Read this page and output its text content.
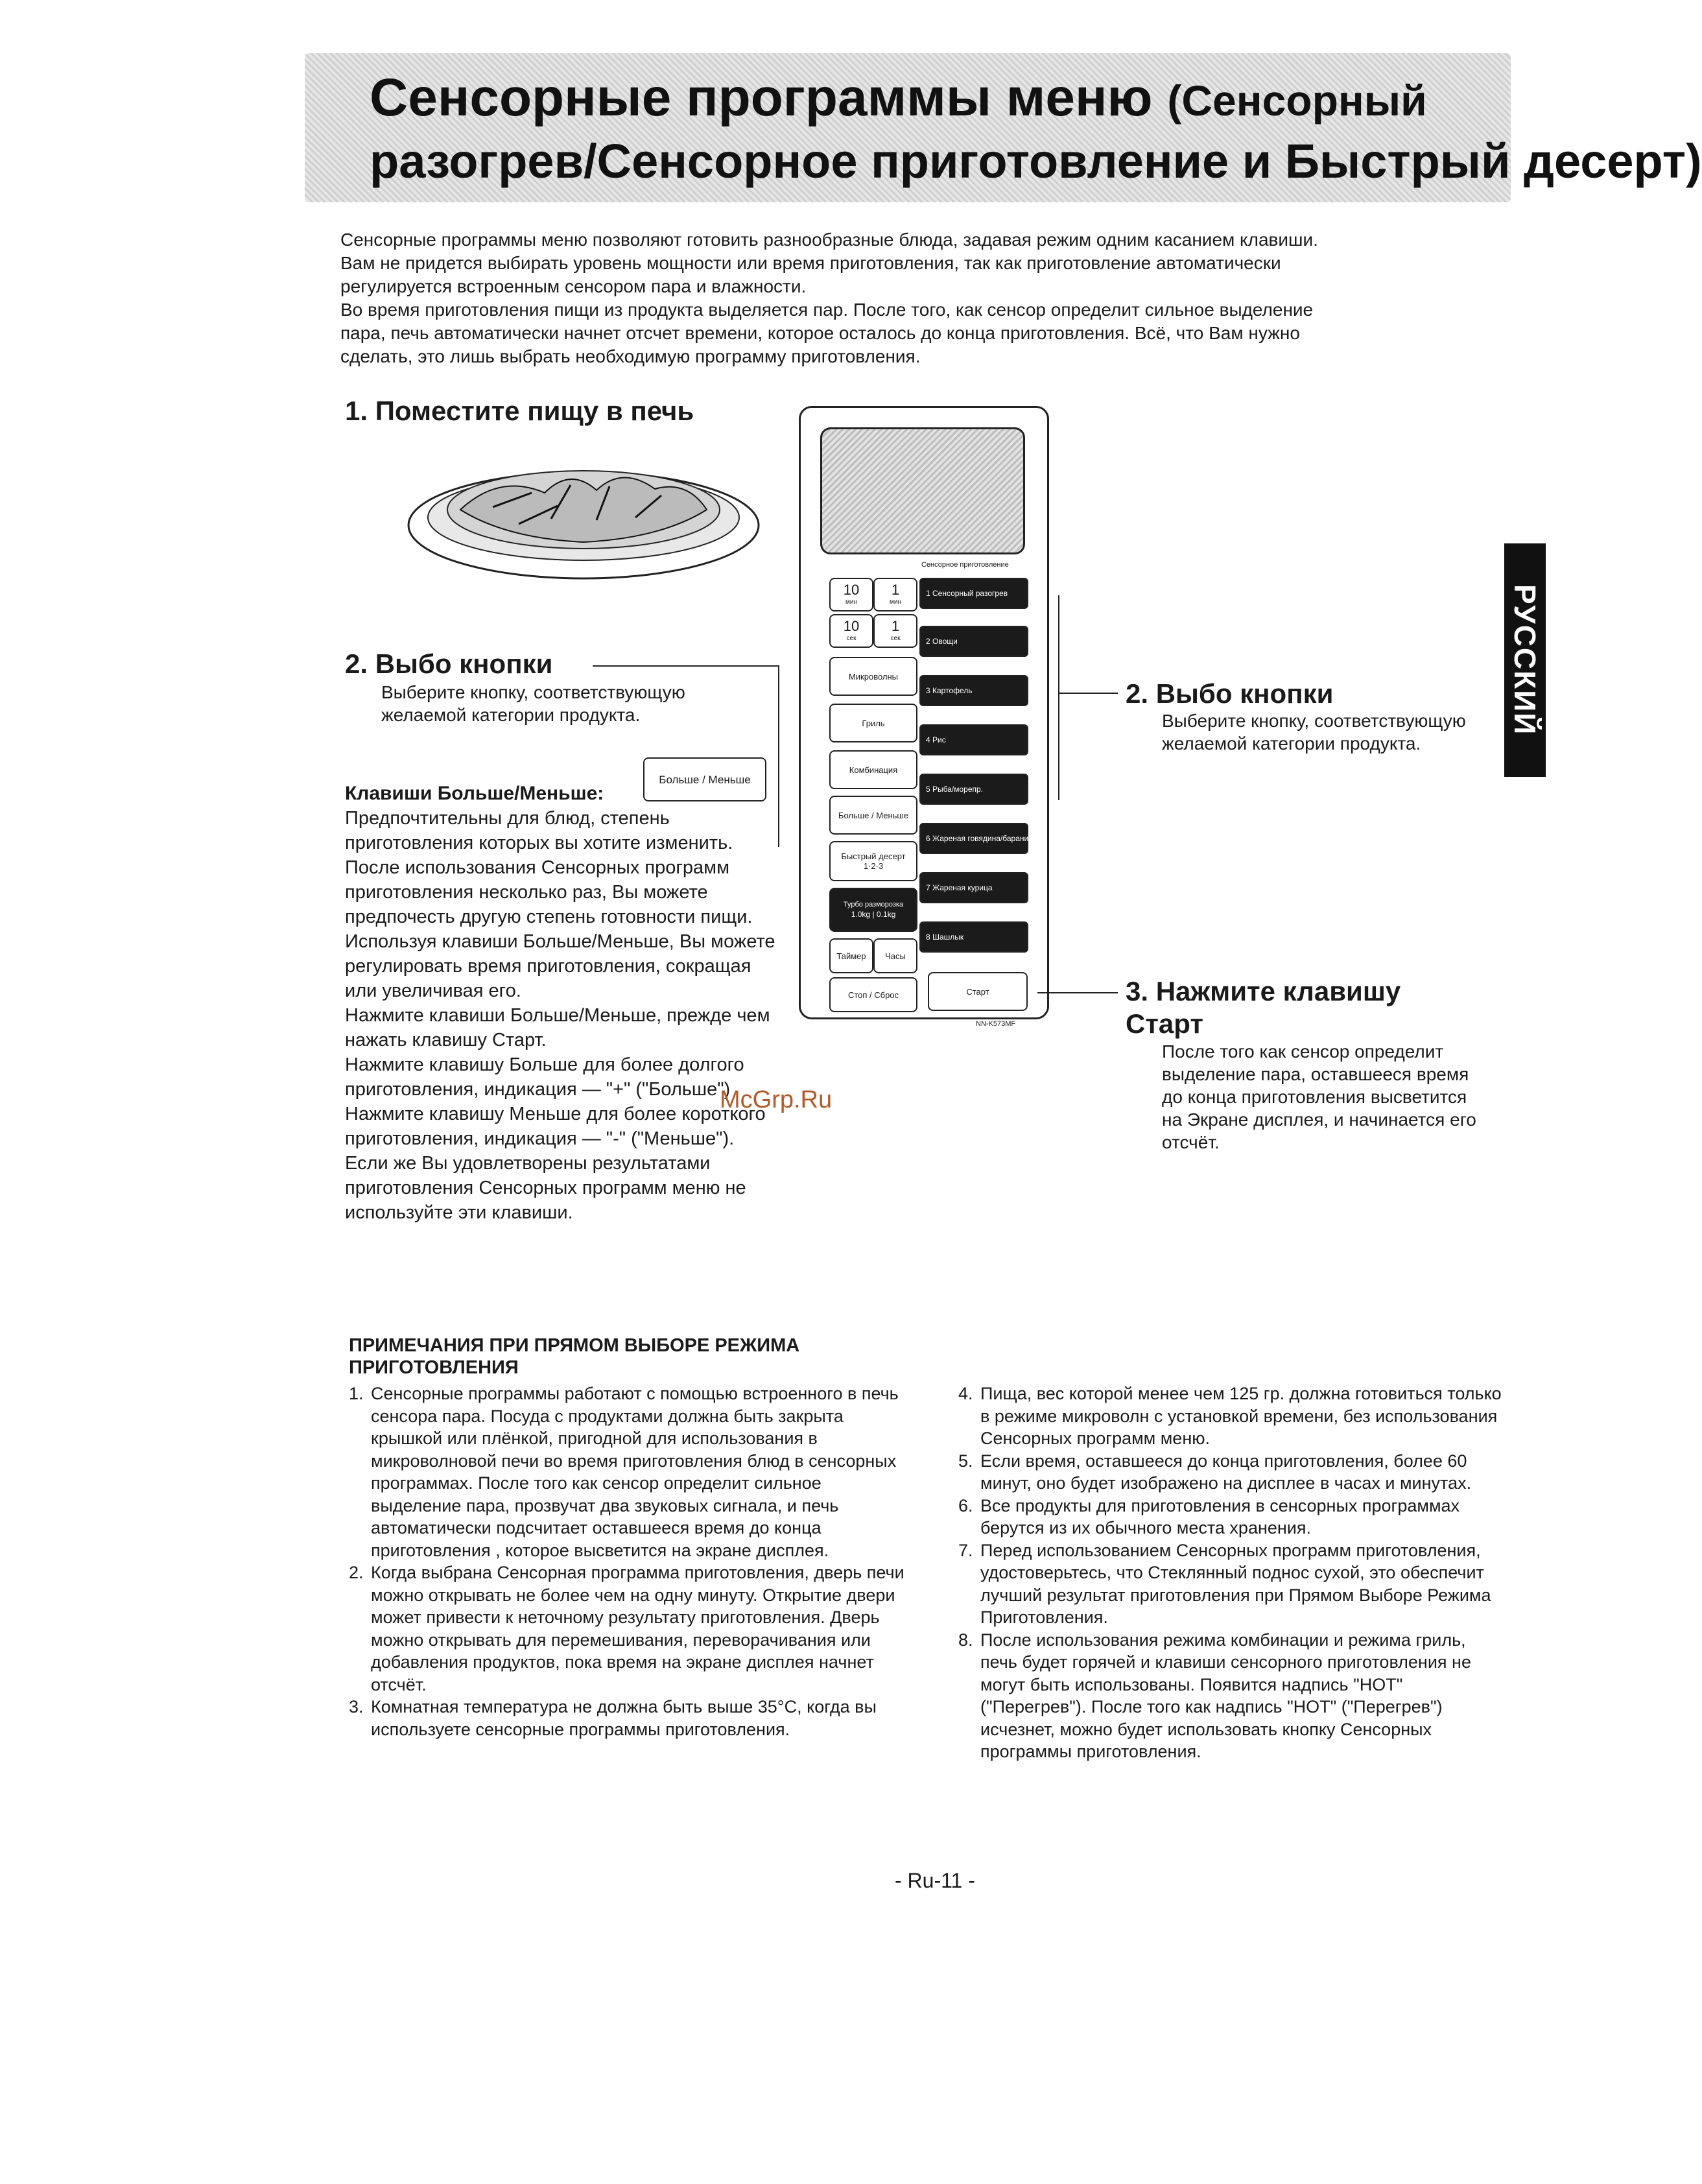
Сенсорные программы меню (Сенсорный
разогрев/Сенсорное приготовление и Быстрый десерт)

Сенсорные программы меню позволяют готовить разнообразные блюда, задавая режим одним касанием клавиши.

Вам не придется выбирать уровень мощности или время приготовления, так как приготовление автоматически

регулируется встроенным сенсором пара и влажности.

Во время приготовления пищи из продукта выделяется пар. После того, как сенсор определит сильное выделение

пара, печь автоматически начнет отсчет времени, которое осталось до конца приготовления. Всё, что Вам нужно

сделать, это лишь выбрать необходимую программу приготовления.

1. Поместите пищу в печь
2. Выбо кнопки
Выберите кнопку, соответствующую желаемой категории продукта.
Больше / Меньше

Клавиши Больше/Меньше:

Предпочтительны для блюд, степень приготовления которых вы хотите изменить. После использования Сенсорных программ приготовления несколько раз, Вы можете предпочесть другую степень готовности пищи. Используя клавиши Больше/Меньше, Вы можете регулировать время приготовления, сокращая или увеличивая его.

Нажмите клавиши Больше/Меньше, прежде чем нажать клавишу Старт.

Нажмите клавишу Больше для более долгого приготовления, индикация — "+" ("Больше")

Нажмите клавишу Меньше для более короткого приготовления, индикация — "-" ("Меньше").

Если же Вы удовлетворены результатами приготовления Сенсорных программ меню не используйте эти клавиши.

Сенсорное приготовление
10
мин
1
мин
10
сек
1
сек
Микроволны
Гриль
Комбинация
Больше / Меньше
Быстрый десерт 1·2·3
Турбо разморозка
1.0kg | 0.1kg
Таймер	Часы
Стоп / Сброс
1 Сенсорный разогрев
2 Овощи
3 Картофель
4 Рис
5 Рыба/морепр.
6 Жареная говядина/баранина
7 Жареная курица
8 Шашлык
Старт
NN-K573MF
2. Выбо кнопки
Выберите кнопку, соответствующую желаемой категории продукта.
3. Нажмите клавишу Старт
После того как сенсор определит выделение пара, оставшееся время до конца приготовления высветится на Экране дисплея, и начинается его отсчёт.
McGrp.Ru
РУССКИЙ
ПРИМЕЧАНИЯ ПРИ ПРЯМОМ ВЫБОРЕ РЕЖИМА ПРИГОТОВЛЕНИЯ
1. Сенсорные программы работают с помощью встроенного в печь сенсора пара. Посуда с продуктами должна быть закрыта крышкой или плёнкой, пригодной для использования в микроволновой печи во время приготовления блюд в сенсорных программах. После того как сенсор определит сильное выделение пара, прозвучат два звуковых сигнала, и печь автоматически подсчитает оставшееся время до конца приготовления , которое высветится на экране дисплея.
2. Когда выбрана Сенсорная программа приготовления, дверь печи можно открывать не более чем на одну минуту. Открытие двери может привести к неточному результату приготовления. Дверь можно открывать для перемешивания, переворачивания или добавления продуктов, пока время на экране дисплея начнет отсчёт.
3. Комнатная температура не должна быть выше 35°С, когда вы используете сенсорные программы приготовления.
4. Пища, вес которой менее чем 125 гр. должна готовиться только в режиме микроволн с установкой времени, без использования Сенсорных программ меню.
5. Если время, оставшееся до конца приготовления, более 60 минут, оно будет изображено на дисплее в часах и минутах.
6. Все продукты для приготовления в сенсорных программах берутся из их обычного места хранения.
7. Перед использованием Сенсорных программ приготовления, удостоверьтесь, что Стеклянный поднос сухой, это обеспечит лучший результат приготовления при Прямом Выборе Режима Приготовления.
8. После использования режима комбинации и режима гриль, печь будет горячей и клавиши сенсорного приготовления не могут быть использованы. Появится надпись "НОТ" ("Перегрев"). После того как надпись "НОТ" ("Перегрев") исчезнет, можно будет использовать кнопку Сенсорных программы приготовления.
- Ru-11 -
